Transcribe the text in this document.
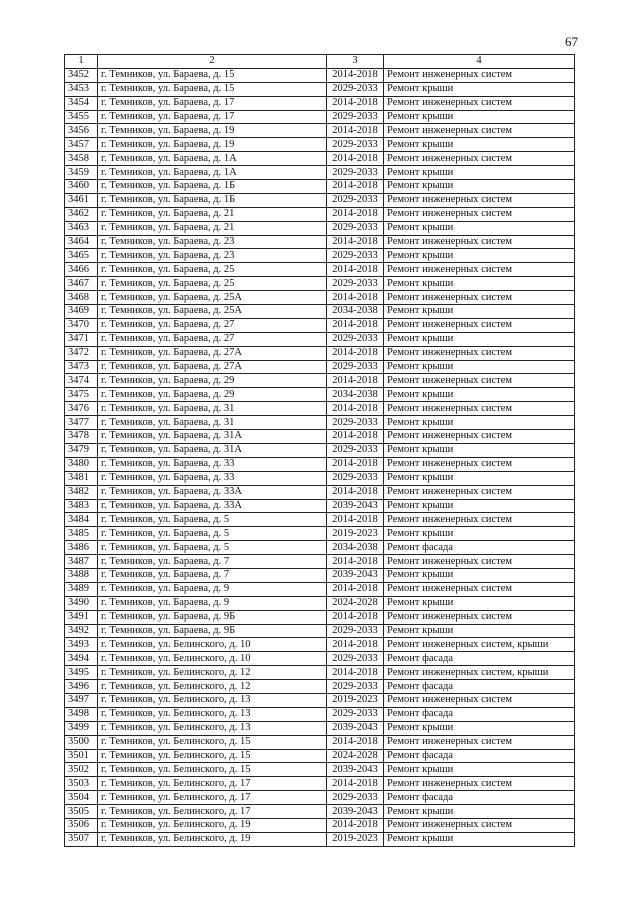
67
1	2	3	4
3452	г. Темников, ул. Бараева, д. 15	2014-2018	Ремонт инженерных систем
3453	г. Темников, ул. Бараева, д. 15	2029-2033	Ремонт крыши
3454	г. Темников, ул. Бараева, д. 17	2014-2018	Ремонт инженерных систем
3455	г. Темников, ул. Бараева, д. 17	2029-2033	Ремонт крыши
3456	г. Темников, ул. Бараева, д. 19	2014-2018	Ремонт инженерных систем
3457	г. Темников, ул. Бараева, д. 19	2029-2033	Ремонт крыши
3458	г. Темников, ул. Бараева, д. 1А	2014-2018	Ремонт инженерных систем
3459	г. Темников, ул. Бараева, д. 1А	2029-2033	Ремонт крыши
3460	г. Темников, ул. Бараева, д. 1Б	2014-2018	Ремонт крыши
3461	г. Темников, ул. Бараева, д. 1Б	2029-2033	Ремонт инженерных систем
3462	г. Темников, ул. Бараева, д. 21	2014-2018	Ремонт инженерных систем
3463	г. Темников, ул. Бараева, д. 21	2029-2033	Ремонт крыши
3464	г. Темников, ул. Бараева, д. 23	2014-2018	Ремонт инженерных систем
3465	г. Темников, ул. Бараева, д. 23	2029-2033	Ремонт крыши
3466	г. Темников, ул. Бараева, д. 25	2014-2018	Ремонт инженерных систем
3467	г. Темников, ул. Бараева, д. 25	2029-2033	Ремонт крыши
3468	г. Темников, ул. Бараева, д. 25А	2014-2018	Ремонт инженерных систем
3469	г. Темников, ул. Бараева, д. 25А	2034-2038	Ремонт крыши
3470	г. Темников, ул. Бараева, д. 27	2014-2018	Ремонт инженерных систем
3471	г. Темников, ул. Бараева, д. 27	2029-2033	Ремонт крыши
3472	г. Темников, ул. Бараева, д. 27А	2014-2018	Ремонт инженерных систем
3473	г. Темников, ул. Бараева, д. 27А	2029-2033	Ремонт крыши
3474	г. Темников, ул. Бараева, д. 29	2014-2018	Ремонт инженерных систем
3475	г. Темников, ул. Бараева, д. 29	2034-2038	Ремонт крыши
3476	г. Темников, ул. Бараева, д. 31	2014-2018	Ремонт инженерных систем
3477	г. Темников, ул. Бараева, д. 31	2029-2033	Ремонт крыши
3478	г. Темников, ул. Бараева, д. 31А	2014-2018	Ремонт инженерных систем
3479	г. Темников, ул. Бараева, д. 31А	2029-2033	Ремонт крыши
3480	г. Темников, ул. Бараева, д. 33	2014-2018	Ремонт инженерных систем
3481	г. Темников, ул. Бараева, д. 33	2029-2033	Ремонт крыши
3482	г. Темников, ул. Бараева, д. 33А	2014-2018	Ремонт инженерных систем
3483	г. Темников, ул. Бараева, д. 33А	2039-2043	Ремонт крыши
3484	г. Темников, ул. Бараева, д. 5	2014-2018	Ремонт инженерных систем
3485	г. Темников, ул. Бараева, д. 5	2019-2023	Ремонт крыши
3486	г. Темников, ул. Бараева, д. 5	2034-2038	Ремонт фасада
3487	г. Темников, ул. Бараева, д. 7	2014-2018	Ремонт инженерных систем
3488	г. Темников, ул. Бараева, д. 7	2039-2043	Ремонт крыши
3489	г. Темников, ул. Бараева, д. 9	2014-2018	Ремонт инженерных систем
3490	г. Темников, ул. Бараева, д. 9	2024-2028	Ремонт крыши
3491	г. Темников, ул. Бараева, д. 9Б	2014-2018	Ремонт инженерных систем
3492	г. Темников, ул. Бараева, д. 9Б	2029-2033	Ремонт крыши
3493	г. Темников, ул. Белинского, д. 10	2014-2018	Ремонт инженерных систем, крыши
3494	г. Темников, ул. Белинского, д. 10	2029-2033	Ремонт фасада
3495	г. Темников, ул. Белинского, д. 12	2014-2018	Ремонт инженерных систем, крыши
3496	г. Темников, ул. Белинского, д. 12	2029-2033	Ремонт фасада
3497	г. Темников, ул. Белинского, д. 13	2019-2023	Ремонт инженерных систем
3498	г. Темников, ул. Белинского, д. 13	2029-2033	Ремонт фасада
3499	г. Темников, ул. Белинского, д. 13	2039-2043	Ремонт крыши
3500	г. Темников, ул. Белинского, д. 15	2014-2018	Ремонт инженерных систем
3501	г. Темников, ул. Белинского, д. 15	2024-2028	Ремонт фасада
3502	г. Темников, ул. Белинского, д. 15	2039-2043	Ремонт крыши
3503	г. Темников, ул. Белинского, д. 17	2014-2018	Ремонт инженерных систем
3504	г. Темников, ул. Белинского, д. 17	2029-2033	Ремонт фасада
3505	г. Темников, ул. Белинского, д. 17	2039-2043	Ремонт крыши
3506	г. Темников, ул. Белинского, д. 19	2014-2018	Ремонт инженерных систем
3507	г. Темников, ул. Белинского, д. 19	2019-2023	Ремонт крыши
